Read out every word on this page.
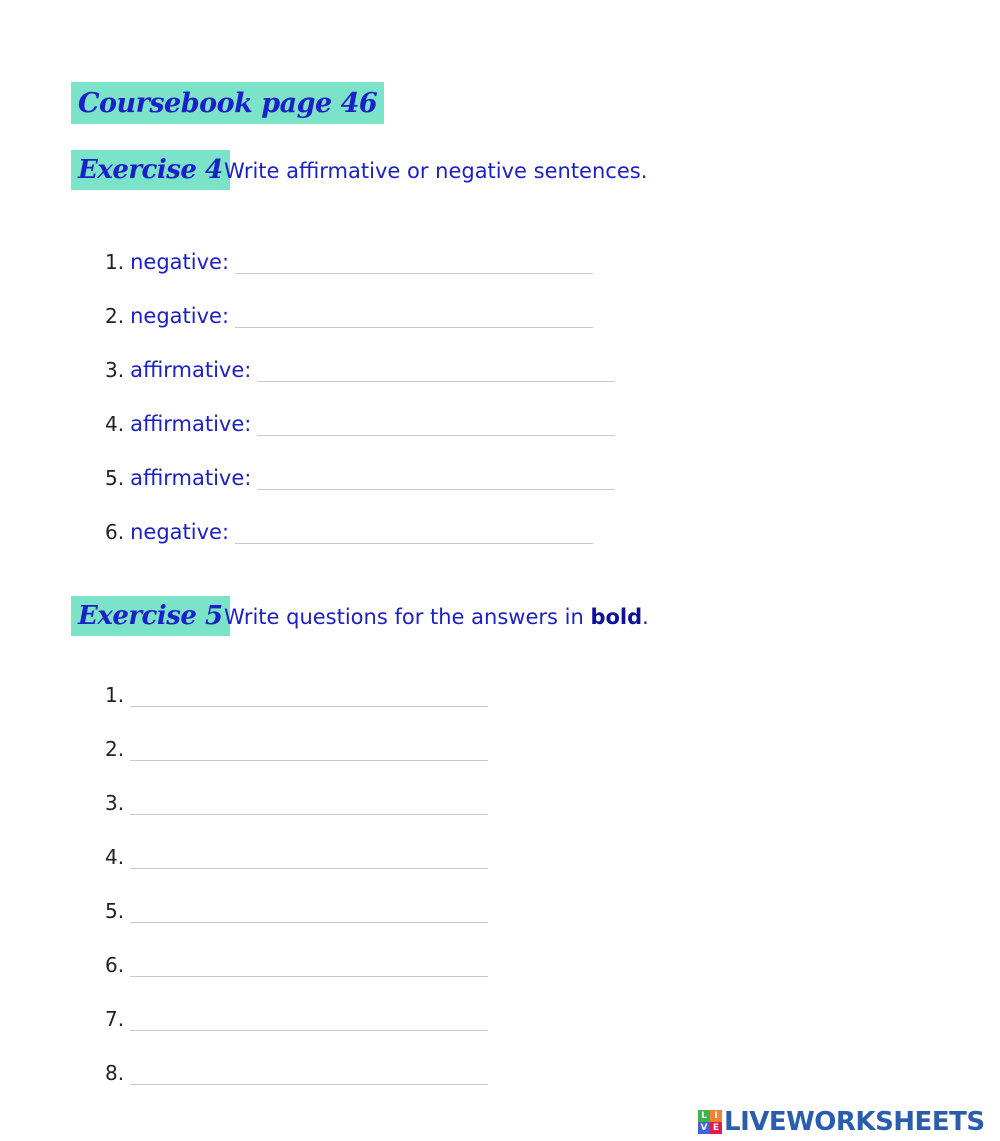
Coursebook page 46
Exercise 4 Write affirmative or negative sentences.
1. negative:
2. negative:
3. affirmative:
4. affirmative:
5. affirmative:
6. negative:
Exercise 5 Write questions for the answers in bold.
1.
2.
3.
4.
5.
6.
7.
8.
L I
V E LIVEWORKSHEETS
